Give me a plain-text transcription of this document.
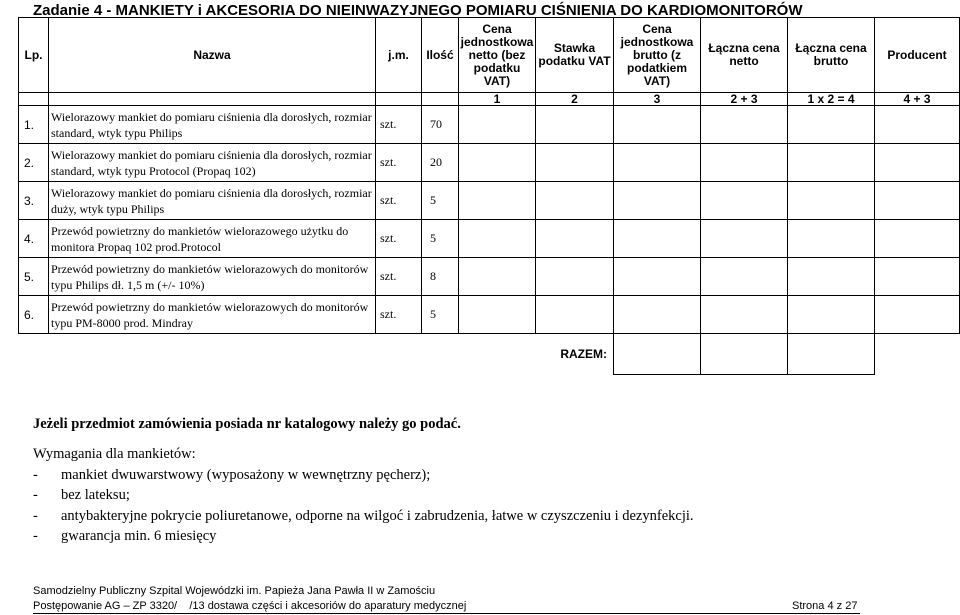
Zadanie 4 - MANKIETY i AKCESORIA DO NIEINWAZYJNEGO POMIARU CIŚNIENIA DO KARDIOMONITORÓW
Lp.	Nazwa	j.m.	Ilość	Cena jednostkowa netto (bez podatku VAT)	Stawka podatku VAT	Cena jednostkowa brutto (z podatkiem VAT)	Łączna cena netto	Łączna cena brutto	Producent
				1	2	3	2 + 3	1 x 2 = 4	4 + 3
1.	Wielorazowy mankiet do pomiaru ciśnienia dla dorosłych, rozmiar standard, wtyk typu Philips	szt.	70						
2.	Wielorazowy mankiet do pomiaru ciśnienia dla dorosłych, rozmiar standard, wtyk typu Protocol (Propaq 102)	szt.	20						
3.	Wielorazowy mankiet do pomiaru ciśnienia dla dorosłych, rozmiar duży, wtyk typu Philips	szt.	5						
4.	Przewód powietrzny do mankietów wielorazowego użytku do monitora Propaq 102 prod.Protocol	szt.	5						
5.	Przewód powietrzny do mankietów wielorazowych do monitorów typu Philips dł. 1,5 m (+/- 10%)	szt.	8						
6.	Przewód powietrzny do mankietów wielorazowych do monitorów typu PM-8000 prod. Mindray	szt.	5						
RAZEM:									
Jeżeli przedmiot zamówienia posiada nr katalogowy należy go podać.
Wymagania dla mankietów:
- mankiet dwuwarstwowy (wyposażony w wewnętrzny pęcherz);
- bez lateksu;
- antybakteryjne pokrycie poliuretanowe, odporne na wilgoć i zabrudzenia, łatwe w czyszczeniu i dezynfekcji.
- gwarancja min. 6 miesięcy
Samodzielny Publiczny Szpital Wojewódzki im. Papieża Jana Pawła II w Zamościu
Postępowanie AG – ZP 3320/    /13 dostawa części i akcesoriów do aparatury medycznej	Strona 4 z 27
